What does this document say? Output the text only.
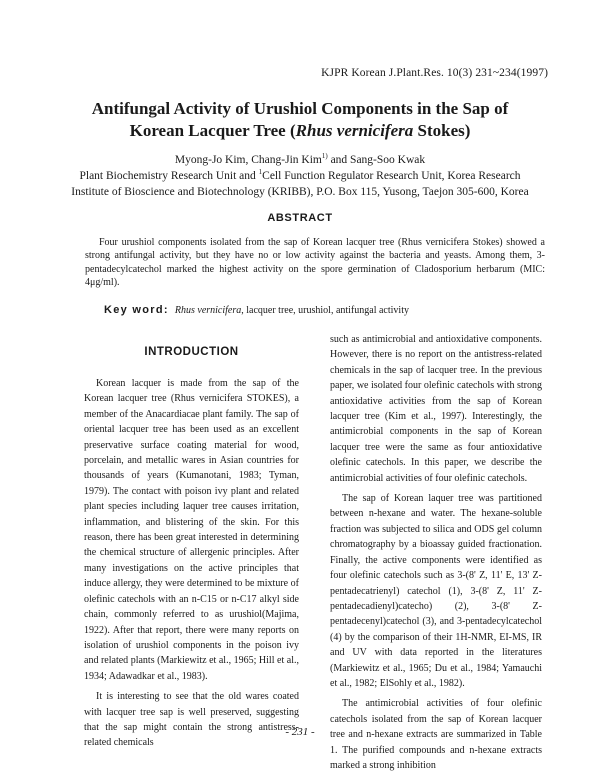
KJPR Korean J.Plant.Res. 10(3) 231~234(1997)
Antifungal Activity of Urushiol Components in the Sap of
Korean Lacquer Tree (Rhus vernicifera Stokes)
Myong-Jo Kim, Chang-Jin Kim$^{1)}$ and Sang-Soo Kwak
Plant Biochemistry Research Unit and $^1$Cell Function Regulator Research Unit, Korea Research
Institute of Bioscience and Biotechnology (KRIBB), P.O. Box 115, Yusong, Taejon 305-600, Korea
ABSTRACT
Four urushiol components isolated from the sap of Korean lacquer tree (Rhus vernicifera Stokes) showed a strong antifungal activity, but they have no or low activity against the bacteria and yeasts. Among them, 3-pentadecylcatechol marked the highest activity on the spore germination of Cladosporium herbarum (MIC: 4μg/ml).
Key word: Rhus vernicifera, lacquer tree, urushiol, antifungal activity
INTRODUCTION

Korean lacquer is made from the sap of the Korean lacquer tree (Rhus vernicifera STOKES), a member of the Anacardiacae plant family. The sap of oriental lacquer tree has been used as an excellent preservative surface coating material for wood, porcelain, and metallic wares in Asian countries for thousands of years (Kumanotani, 1983; Tyman, 1979). The contact with poison ivy plant and related plant species including laquer tree causes irritation, inflammation, and blistering of the skin. For this reason, there has been great interested in determining the chemical structure of allergenic principles. After many investigations on the active principles that induce allergy, they were determined to be mixture of olefinic catechols with an n-C15 or n-C17 alkyl side chain, commonly referred to as urushiol(Majima, 1922). After that report, there were many reports on isolation of urushiol components in the poison ivy and related plants (Markiewitz et al., 1965; Hill et al., 1934; Adawadkar et al., 1983).

It is interesting to see that the old wares coated with lacquer tree sap is well preserved, suggesting that the sap might contain the strong antistress-related chemicals

such as antimicrobial and antioxidative components. However, there is no report on the antistress-related chemicals in the sap of lacquer tree. In the previous paper, we isolated four olefinic catechols with strong antioxidative activities from the sap of Korean lacquer tree (Kim et al., 1997). Interestingly, the antimicrobial components in the sap of Korean lacquer tree were the same as four antioxidative olefinic catechols. In this paper, we describe the antimicrobial activities of four olefinic catechols.

The sap of Korean laquer tree was partitioned between n-hexane and water. The hexane-soluble fraction was subjected to silica and ODS gel column chromatography by a bioassay guided fractionation. Finally, the active components were identified as four olefinic catechols such as 3-(8' Z, 11' E, 13' Z-pentadecatrienyl) catechol (1), 3-(8' Z, 11' Z-pentadecadienyl)catecho) (2), 3-(8' Z-pentadecenyl)catechol (3), and 3-pentadecylcatechol (4) by the comparison of their 1H-NMR, EI-MS, IR and UV with data reported in the literatures (Markiewitz et al., 1965; Du et al., 1984; Yamauchi et al., 1982; ElSohly et al., 1982).

The antimicrobial activities of four olefinic catechols isolated from the sap of Korean lacquer tree and n-hexane extracts are summarized in Table 1. The purified compounds and n-hexane extracts marked a strong inhibition

- 231 -
